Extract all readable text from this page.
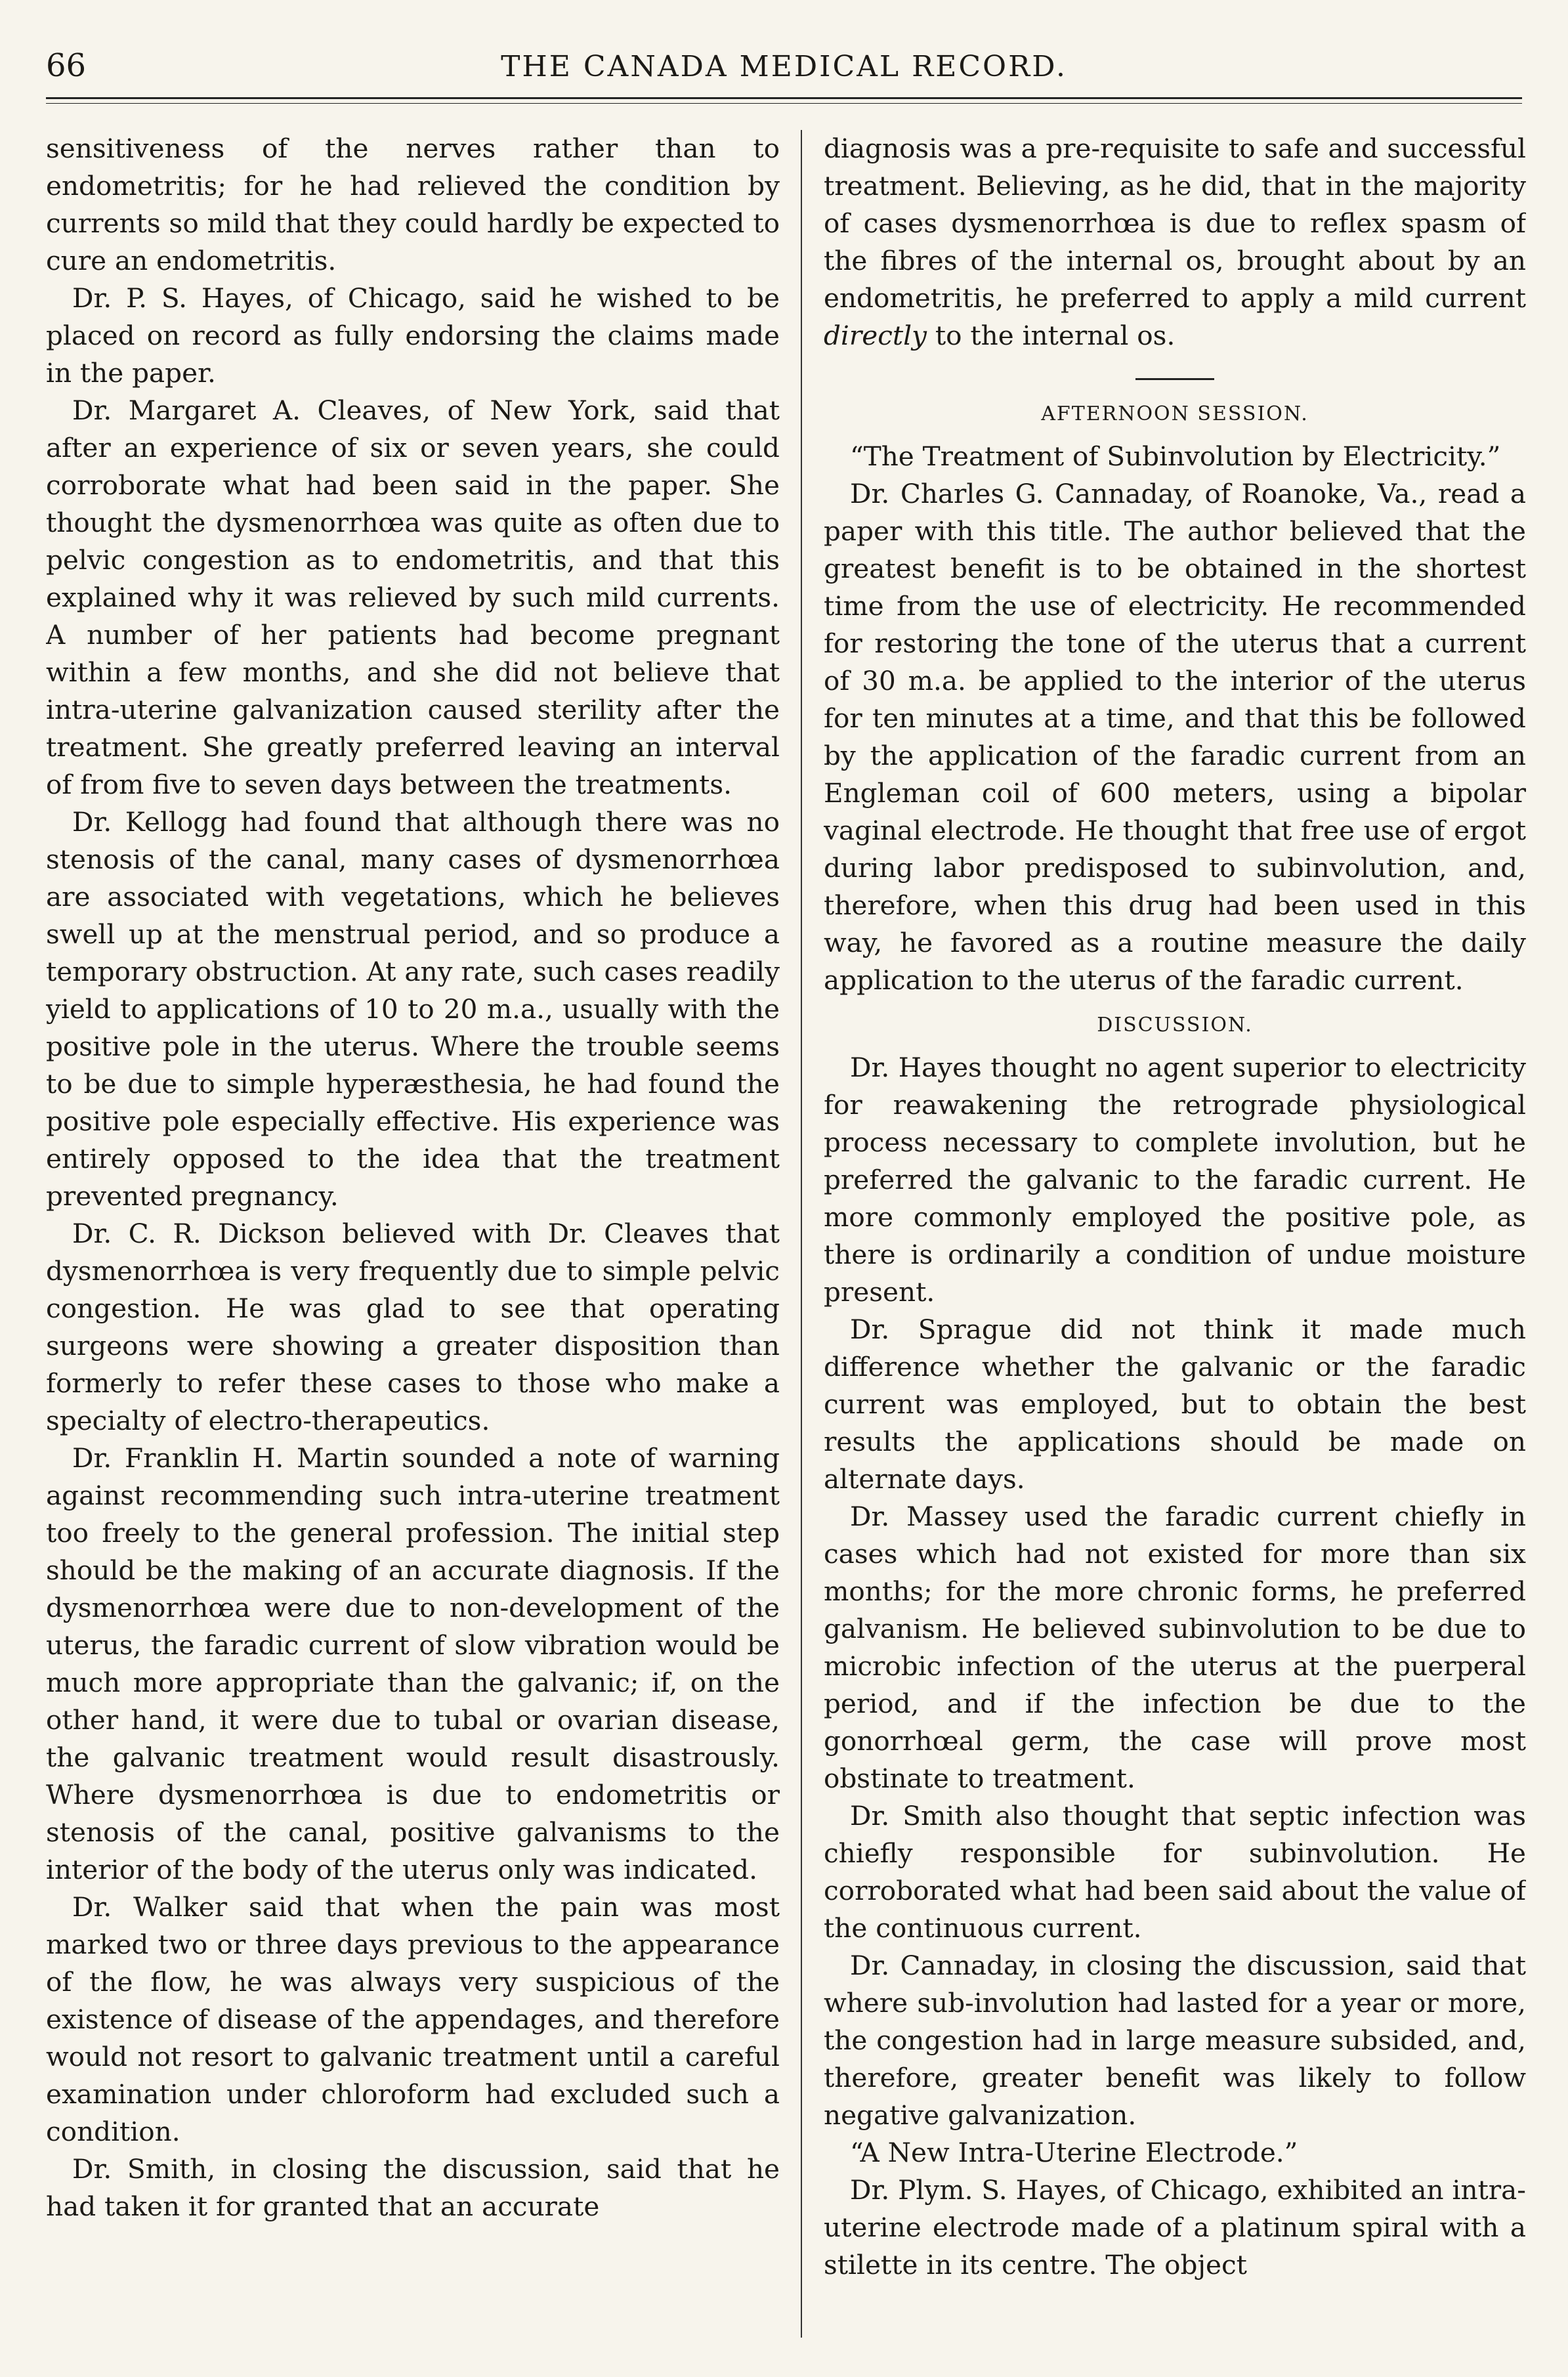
66	THE CANADA MEDICAL RECORD.

sensitiveness of the nerves rather than to endometritis; for he had relieved the condition by currents so mild that they could hardly be expected to cure an endometritis.

Dr. P. S. Hayes, of Chicago, said he wished to be placed on record as fully endorsing the claims made in the paper.

Dr. Margaret A. Cleaves, of New York, said that after an experience of six or seven years, she could corroborate what had been said in the paper. She thought the dysmenorrhœa was quite as often due to pelvic congestion as to endometritis, and that this explained why it was relieved by such mild currents. A number of her patients had become pregnant within a few months, and she did not believe that intra-uterine galvanization caused sterility after the treatment. She greatly preferred leaving an interval of from five to seven days between the treatments.

Dr. Kellogg had found that although there was no stenosis of the canal, many cases of dysmenorrhœa are associated with vegetations, which he believes swell up at the menstrual period, and so produce a temporary obstruction. At any rate, such cases readily yield to applications of 10 to 20 m.a., usually with the positive pole in the uterus. Where the trouble seems to be due to simple hyperæsthesia, he had found the positive pole especially effective. His experience was entirely opposed to the idea that the treatment prevented pregnancy.

Dr. C. R. Dickson believed with Dr. Cleaves that dysmenorrhœa is very frequently due to simple pelvic congestion. He was glad to see that operating surgeons were showing a greater disposition than formerly to refer these cases to those who make a specialty of electro-therapeutics.

Dr. Franklin H. Martin sounded a note of warning against recommending such intra-uterine treatment too freely to the general profession. The initial step should be the making of an accurate diagnosis. If the dysmenorrhœa were due to non-development of the uterus, the faradic current of slow vibration would be much more appropriate than the galvanic; if, on the other hand, it were due to tubal or ovarian disease, the galvanic treatment would result disastrously. Where dysmenorrhœa is due to endometritis or stenosis of the canal, positive galvanisms to the interior of the body of the uterus only was indicated.

Dr. Walker said that when the pain was most marked two or three days previous to the appearance of the flow, he was always very suspicious of the existence of disease of the appendages, and therefore would not resort to galvanic treatment until a careful examination under chloroform had excluded such a condition.

Dr. Smith, in closing the discussion, said that he had taken it for granted that an accurate

diagnosis was a pre-requisite to safe and successful treatment. Believing, as he did, that in the majority of cases dysmenorrhœa is due to reflex spasm of the fibres of the internal os, brought about by an endometritis, he preferred to apply a mild current directly to the internal os.

AFTERNOON SESSION.

“The Treatment of Subinvolution by Electricity.”

Dr. Charles G. Cannaday, of Roanoke, Va., read a paper with this title. The author believed that the greatest benefit is to be obtained in the shortest time from the use of electricity. He recommended for restoring the tone of the uterus that a current of 30 m.a. be applied to the interior of the uterus for ten minutes at a time, and that this be followed by the application of the faradic current from an Engleman coil of 600 meters, using a bipolar vaginal electrode. He thought that free use of ergot during labor predisposed to subinvolution, and, therefore, when this drug had been used in this way, he favored as a routine measure the daily application to the uterus of the faradic current.

DISCUSSION.

Dr. Hayes thought no agent superior to electricity for reawakening the retrograde physiological process necessary to complete involution, but he preferred the galvanic to the faradic current. He more commonly employed the positive pole, as there is ordinarily a condition of undue moisture present.

Dr. Sprague did not think it made much difference whether the galvanic or the faradic current was employed, but to obtain the best results the applications should be made on alternate days.

Dr. Massey used the faradic current chiefly in cases which had not existed for more than six months; for the more chronic forms, he preferred galvanism. He believed subinvolution to be due to microbic infection of the uterus at the puerperal period, and if the infection be due to the gonorrhœal germ, the case will prove most obstinate to treatment.

Dr. Smith also thought that septic infection was chiefly responsible for subinvolution. He corroborated what had been said about the value of the continuous current.

Dr. Cannaday, in closing the discussion, said that where sub-involution had lasted for a year or more, the congestion had in large measure subsided, and, therefore, greater benefit was likely to follow negative galvanization.

“A New Intra-Uterine Electrode.”

Dr. Plym. S. Hayes, of Chicago, exhibited an intra-uterine electrode made of a platinum spiral with a stilette in its centre. The object
